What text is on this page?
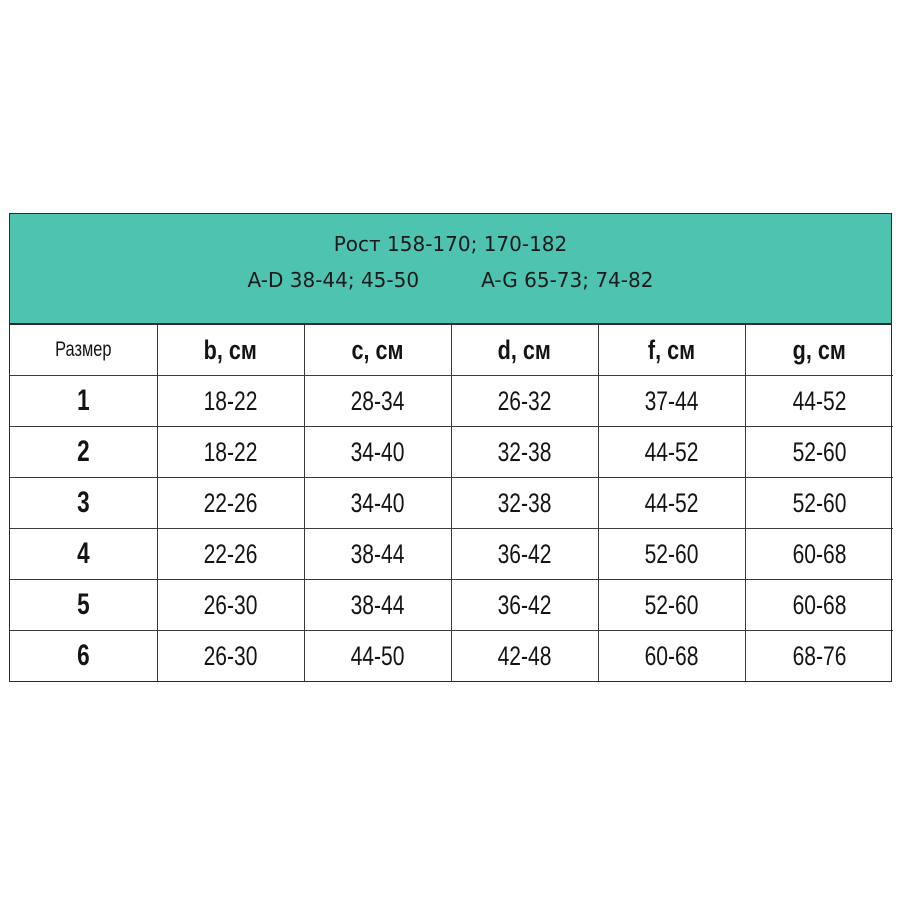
Рост 158-170; 170-182
A-D 38-44; 45-50	A-G 65-73; 74-82
Размер	b, см	c, см	d, см	f, см	g, см
1	18-22	28-34	26-32	37-44	44-52
2	18-22	34-40	32-38	44-52	52-60
3	22-26	34-40	32-38	44-52	52-60
4	22-26	38-44	36-42	52-60	60-68
5	26-30	38-44	36-42	52-60	60-68
6	26-30	44-50	42-48	60-68	68-76
